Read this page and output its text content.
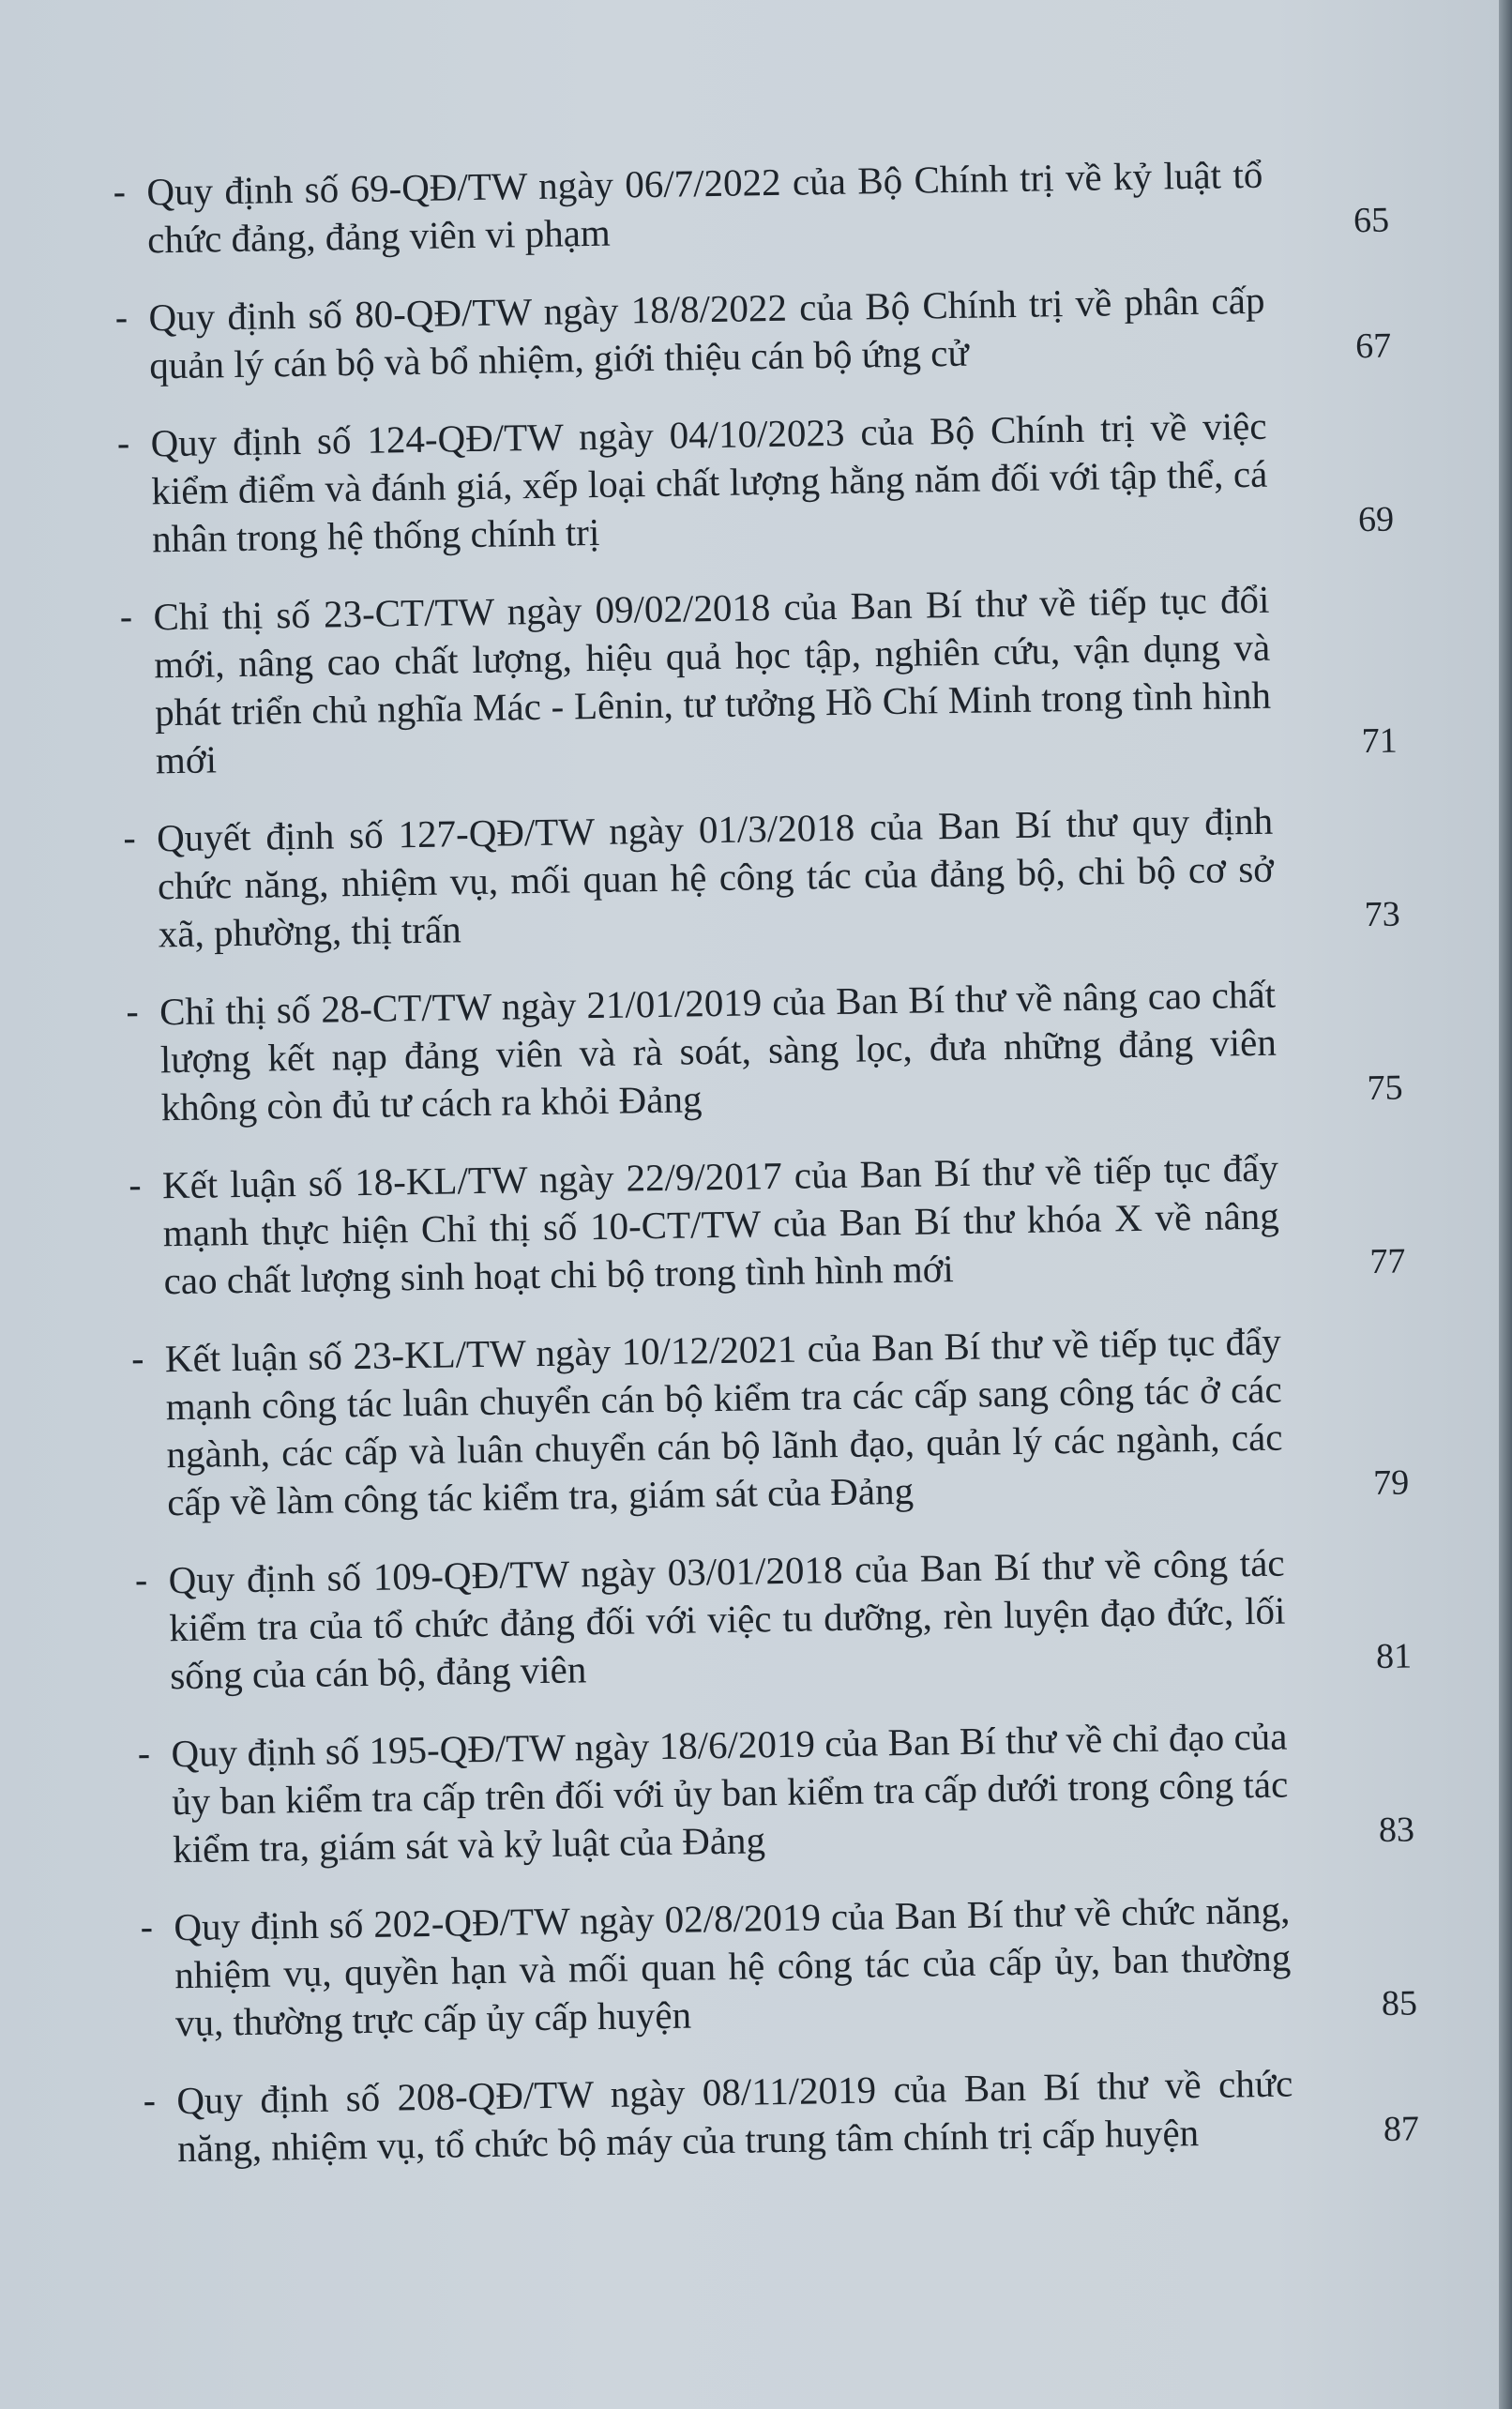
- Quy định số 69-QĐ/TW ngày 06/7/2022 của Bộ Chính trị về kỷ luật tổ chức đảng, đảng viên vi phạm	65
- Quy định số 80-QĐ/TW ngày 18/8/2022 của Bộ Chính trị về phân cấp quản lý cán bộ và bổ nhiệm, giới thiệu cán bộ ứng cử	67
- Quy định số 124-QĐ/TW ngày 04/10/2023 của Bộ Chính trị về việc kiểm điểm và đánh giá, xếp loại chất lượng hằng năm đối với tập thể, cá nhân trong hệ thống chính trị	69
- Chỉ thị số 23-CT/TW ngày 09/02/2018 của Ban Bí thư về tiếp tục đổi mới, nâng cao chất lượng, hiệu quả học tập, nghiên cứu, vận dụng và phát triển chủ nghĩa Mác - Lênin, tư tưởng Hồ Chí Minh trong tình hình mới	71
- Quyết định số 127-QĐ/TW ngày 01/3/2018 của Ban Bí thư quy định chức năng, nhiệm vụ, mối quan hệ công tác của đảng bộ, chi bộ cơ sở xã, phường, thị trấn	73
- Chỉ thị số 28-CT/TW ngày 21/01/2019 của Ban Bí thư về nâng cao chất lượng kết nạp đảng viên và rà soát, sàng lọc, đưa những đảng viên không còn đủ tư cách ra khỏi Đảng	75
- Kết luận số 18-KL/TW ngày 22/9/2017 của Ban Bí thư về tiếp tục đẩy mạnh thực hiện Chỉ thị số 10-CT/TW của Ban Bí thư khóa X về nâng cao chất lượng sinh hoạt chi bộ trong tình hình mới	77
- Kết luận số 23-KL/TW ngày 10/12/2021 của Ban Bí thư về tiếp tục đẩy mạnh công tác luân chuyển cán bộ kiểm tra các cấp sang công tác ở các ngành, các cấp và luân chuyển cán bộ lãnh đạo, quản lý các ngành, các cấp về làm công tác kiểm tra, giám sát của Đảng	79
- Quy định số 109-QĐ/TW ngày 03/01/2018 của Ban Bí thư về công tác kiểm tra của tổ chức đảng đối với việc tu dưỡng, rèn luyện đạo đức, lối sống của cán bộ, đảng viên	81
- Quy định số 195-QĐ/TW ngày 18/6/2019 của Ban Bí thư về chỉ đạo của ủy ban kiểm tra cấp trên đối với ủy ban kiểm tra cấp dưới trong công tác kiểm tra, giám sát và kỷ luật của Đảng	83
- Quy định số 202-QĐ/TW ngày 02/8/2019 của Ban Bí thư về chức năng, nhiệm vụ, quyền hạn và mối quan hệ công tác của cấp ủy, ban thường vụ, thường trực cấp ủy cấp huyện	85
- Quy định số 208-QĐ/TW ngày 08/11/2019 của Ban Bí thư về chức năng, nhiệm vụ, tổ chức bộ máy của trung tâm chính trị cấp huyện	87
